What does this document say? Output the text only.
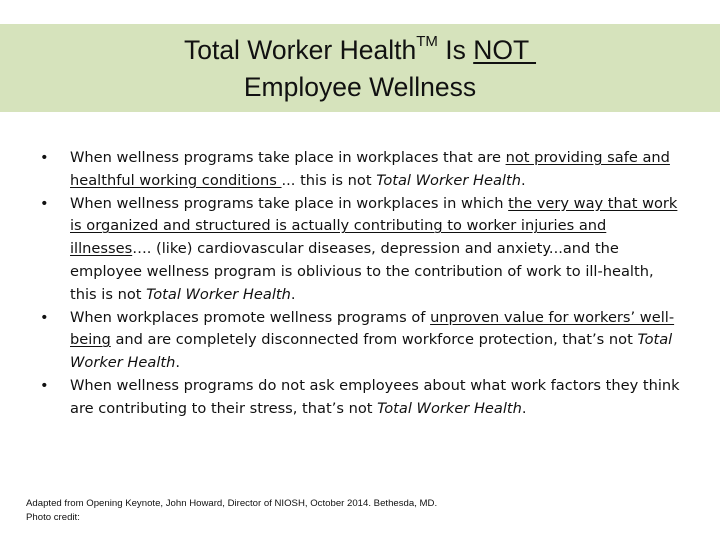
Total Worker Health™ Is NOT
Employee Wellness
•	When wellness programs take place in workplaces that are not providing safe and healthful working conditions ... this is not Total Worker Health.
•	When wellness programs take place in workplaces in which the very way that work is organized and structured is actually contributing to worker injuries and illnesses…. (like) cardiovascular diseases, depression and anxiety...and the employee wellness program is oblivious to the contribution of work to ill-health, this is not Total Worker Health.
•	When workplaces promote wellness programs of unproven value for workers’ well-being and are completely disconnected from workforce protection, that’s not Total Worker Health.
•	When wellness programs do not ask employees about what work factors they think are contributing to their stress, that’s not Total Worker Health.
Adapted from Opening Keynote, John Howard, Director of NIOSH, October 2014. Bethesda, MD.
Photo credit:
